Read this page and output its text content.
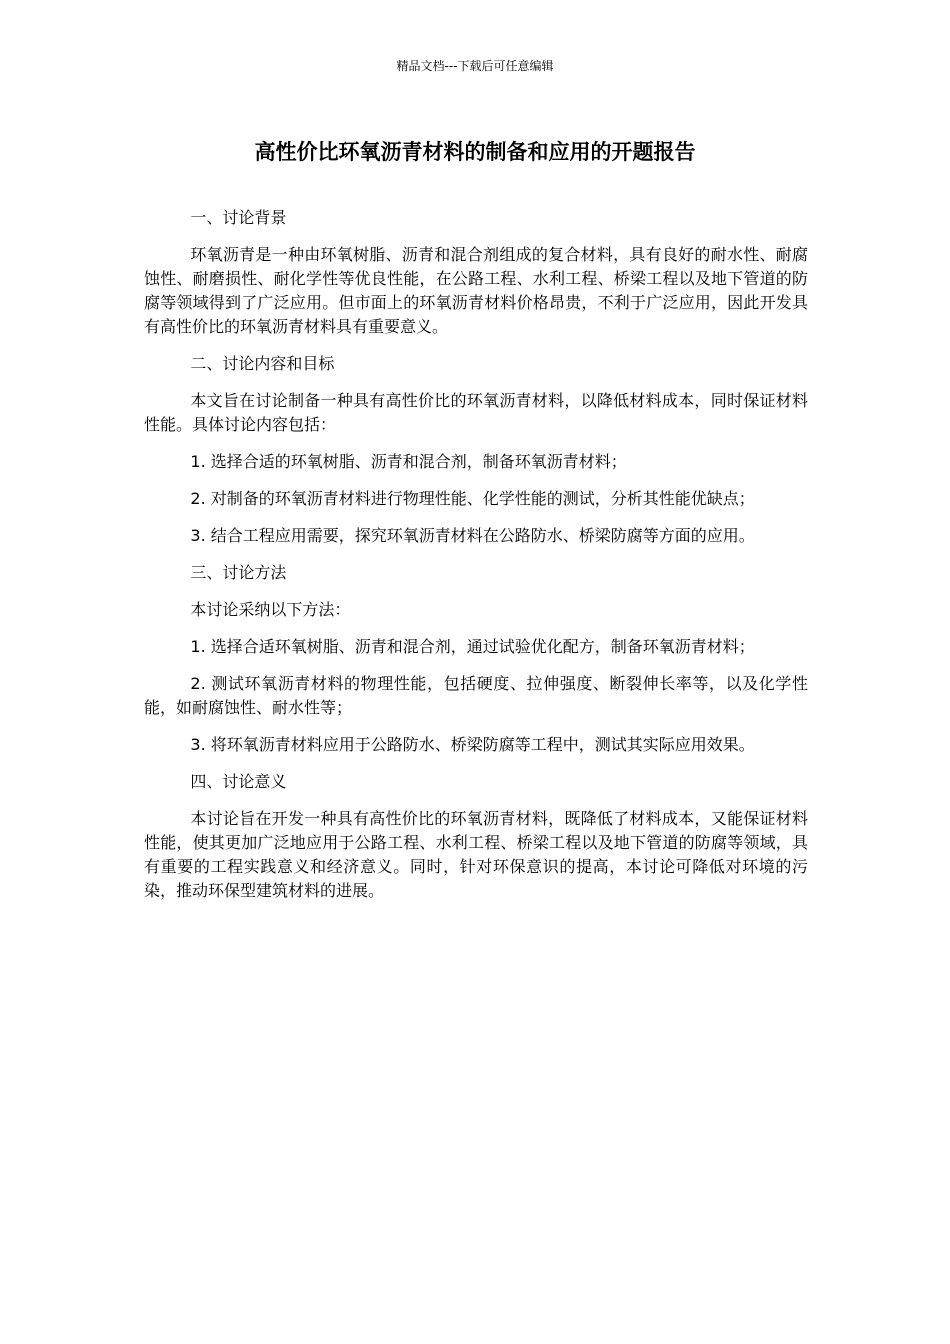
精品文档---下载后可任意编辑
高性价比环氧沥青材料的制备和应用的开题报告

一、讨论背景

环氧沥青是一种由环氧树脂、沥青和混合剂组成的复合材料，具有良好的耐水性、耐腐蚀性、耐磨损性、耐化学性等优良性能，在公路工程、水利工程、桥梁工程以及地下管道的防腐等领域得到了广泛应用。但市面上的环氧沥青材料价格昂贵，不利于广泛应用，因此开发具有高性价比的环氧沥青材料具有重要意义。

二、讨论内容和目标

本文旨在讨论制备一种具有高性价比的环氧沥青材料，以降低材料成本，同时保证材料性能。具体讨论内容包括：

1. 选择合适的环氧树脂、沥青和混合剂，制备环氧沥青材料；

2. 对制备的环氧沥青材料进行物理性能、化学性能的测试，分析其性能优缺点；

3. 结合工程应用需要，探究环氧沥青材料在公路防水、桥梁防腐等方面的应用。

三、讨论方法

本讨论采纳以下方法：

1. 选择合适环氧树脂、沥青和混合剂，通过试验优化配方，制备环氧沥青材料；

2. 测试环氧沥青材料的物理性能，包括硬度、拉伸强度、断裂伸长率等，以及化学性能，如耐腐蚀性、耐水性等；

3. 将环氧沥青材料应用于公路防水、桥梁防腐等工程中，测试其实际应用效果。

四、讨论意义

本讨论旨在开发一种具有高性价比的环氧沥青材料，既降低了材料成本，又能保证材料性能，使其更加广泛地应用于公路工程、水利工程、桥梁工程以及地下管道的防腐等领域，具有重要的工程实践意义和经济意义。同时，针对环保意识的提高，本讨论可降低对环境的污染，推动环保型建筑材料的进展。
